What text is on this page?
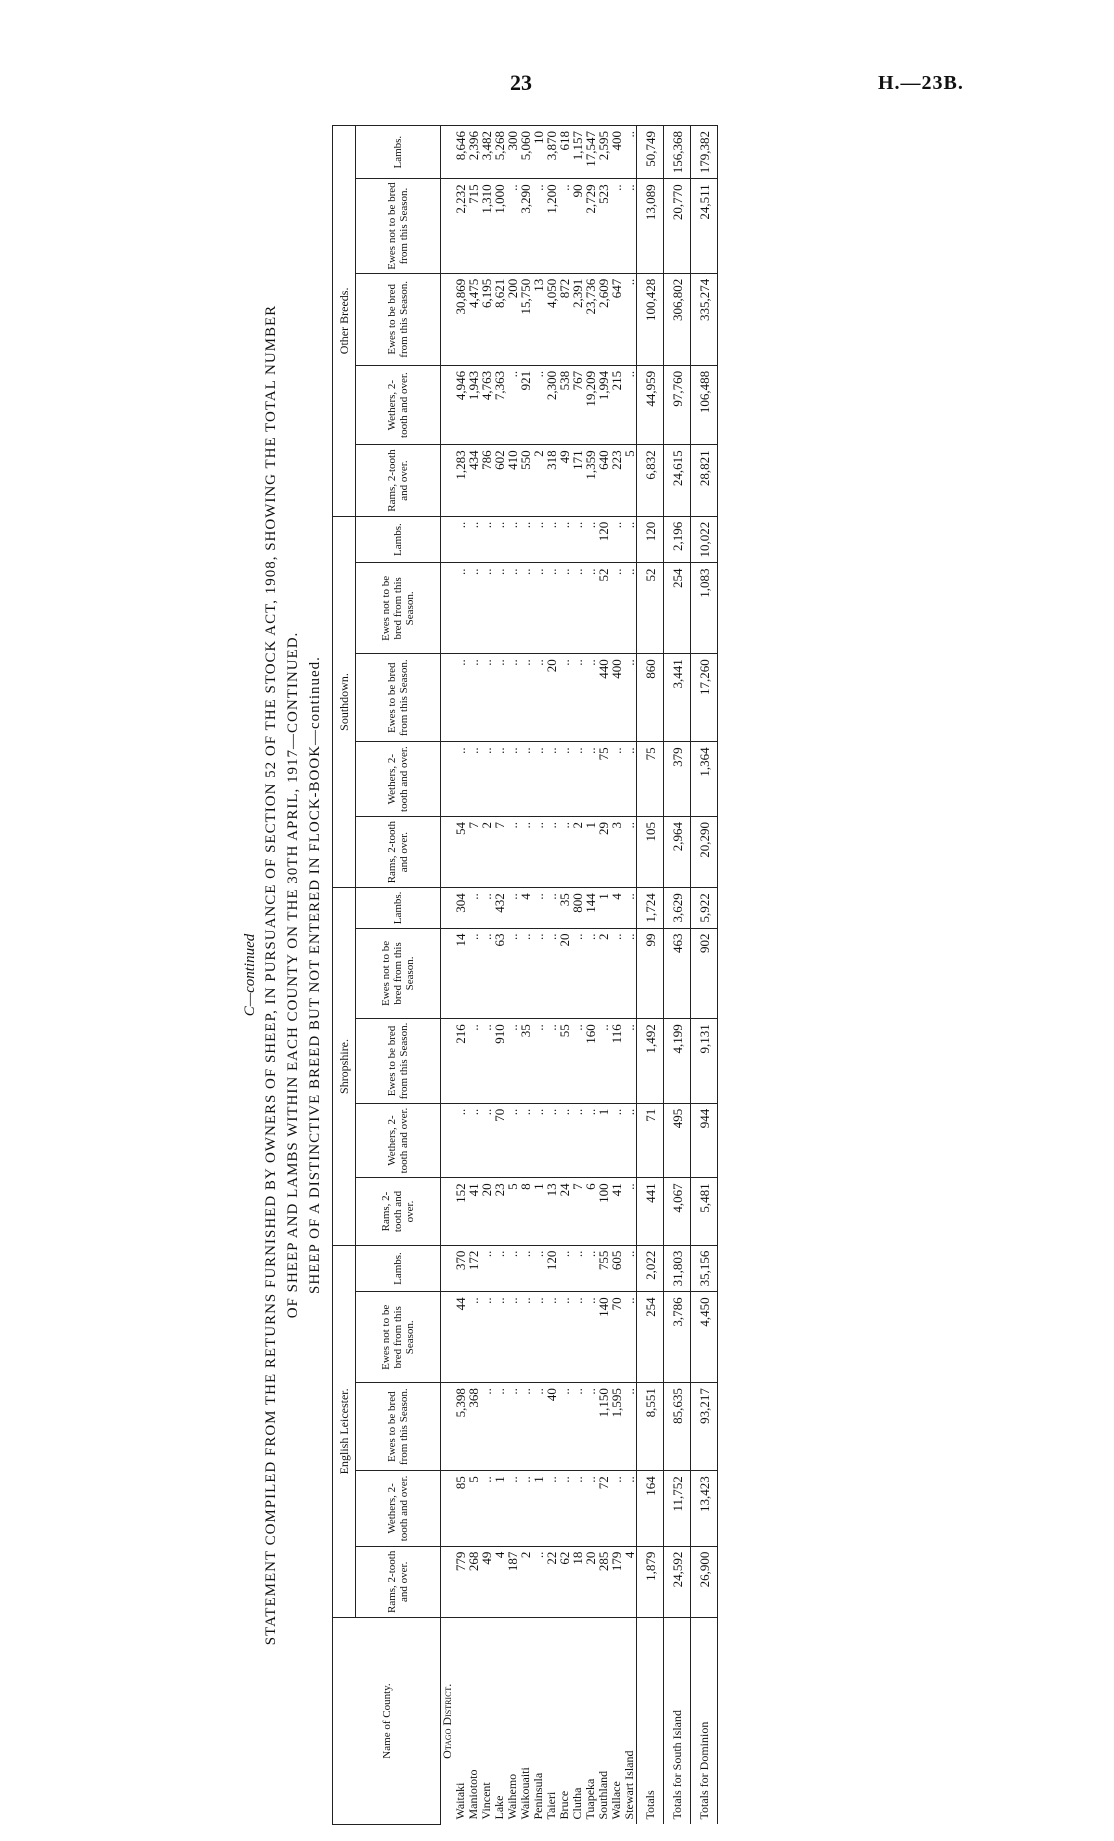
23	H.—23B.
C—continued STATEMENT COMPILED FROM THE RETURNS FURNISHED BY OWNERS OF SHEEP, IN PURSUANCE OF SECTION 52 OF THE STOCK ACT, 1908, SHOWING THE TOTAL NUMBER OF SHEEP AND LAMBS WITHIN EACH COUNTY ON THE 30TH APRIL, 1917—CONTINUED. SHEEP OF A DISTINCTIVE BREED BUT NOT ENTERED IN FLOCK-BOOK—continued.
Name of County.	English Leicester.					Shropshire.					Southdown.					Other Breeds.				
	Rams, 2-tooth and over.	Wethers, 2-tooth and over.	Ewes to be bred from this Season.	Ewes not to be bred from this Season.	Lambs.	Rams, 2-tooth and over.	Wethers, 2-tooth and over.	Ewes to be bred from this Season.	Ewes not to be bred from this Season.	Lambs.	Rams, 2-tooth and over.	Wethers, 2-tooth and over.	Ewes to be bred from this Season.	Ewes not to be bred from this Season.	Lambs.	Rams, 2-tooth and over.	Wethers, 2-tooth and over.	Ewes to be bred from this Season.	Ewes not to be bred from this Season.	Lambs.
Otago District.																				
Waitaki	779	85	5,398	44	370	152	..	216	14	304	54	..	..	..	..	1,283	4,946	30,869	2,232	8,646
Maniototo	268	5	368	..	172	41	..	..	..	..	7	..	..	..	..	434	1,943	4,475	715	2,396
Vincent	49	..	..	..	..	20	..	..	..	..	2	..	..	..	..	786	4,763	6,195	1,310	3,482
Lake	4	1	..	..	..	23	70	910	63	432	7	..	..	..	..	602	7,363	8,621	1,000	5,268
Waihemo	187	..	..	..	..	5	..	..	..	..	..	..	..	..	..	410	..	200	..	300
Waikouaiti	2	..	..	..	..	8	..	35	..	4	..	..	..	..	..	550	921	15,750	3,290	5,060
Peninsula	..	1	..	..	..	1	..	..	..	..	..	..	..	..	..	2	..	13	..	10
Taieri	22	..	40	..	120	13	..	..	..	..	..	..	20	..	..	318	2,300	4,050	1,200	3,870
Bruce	62	..	..	..	..	24	..	55	20	35	..	..	..	..	..	49	538	872	..	618
Clutha	18	..	..	..	..	7	..	..	..	800	2	..	..	..	..	171	767	2,391	90	1,157
Tuapeka	20	..	..	..	..	6	..	160	..	144	1	..	..	..	..	1,359	19,209	23,736	2,729	17,547
Southland	285	72	1,150	140	755	100	1	..	2	1	29	75	440	52	120	640	1,994	2,609	523	2,595
Wallace	179	..	1,595	70	605	41	..	116	..	4	3	..	400	..	..	223	215	647	..	400
Stewart Island	4	..	..	..	..	..	..	..	..	..	..	..	..	..	..	5	..	..	..	..
Totals	1,879	164	8,551	254	2,022	441	71	1,492	99	1,724	105	75	860	52	120	6,832	44,959	100,428	13,089	50,749
Totals for South Island	24,592	11,752	85,635	3,786	31,803	4,067	495	4,199	463	3,629	2,964	379	3,441	254	2,196	24,615	97,760	306,802	20,770	156,368
Totals for Dominion	26,900	13,423	93,217	4,450	35,156	5,481	944	9,131	902	5,922	20,290	1,364	17,260	1,083	10,022	28,821	106,488	335,274	24,511	179,382
